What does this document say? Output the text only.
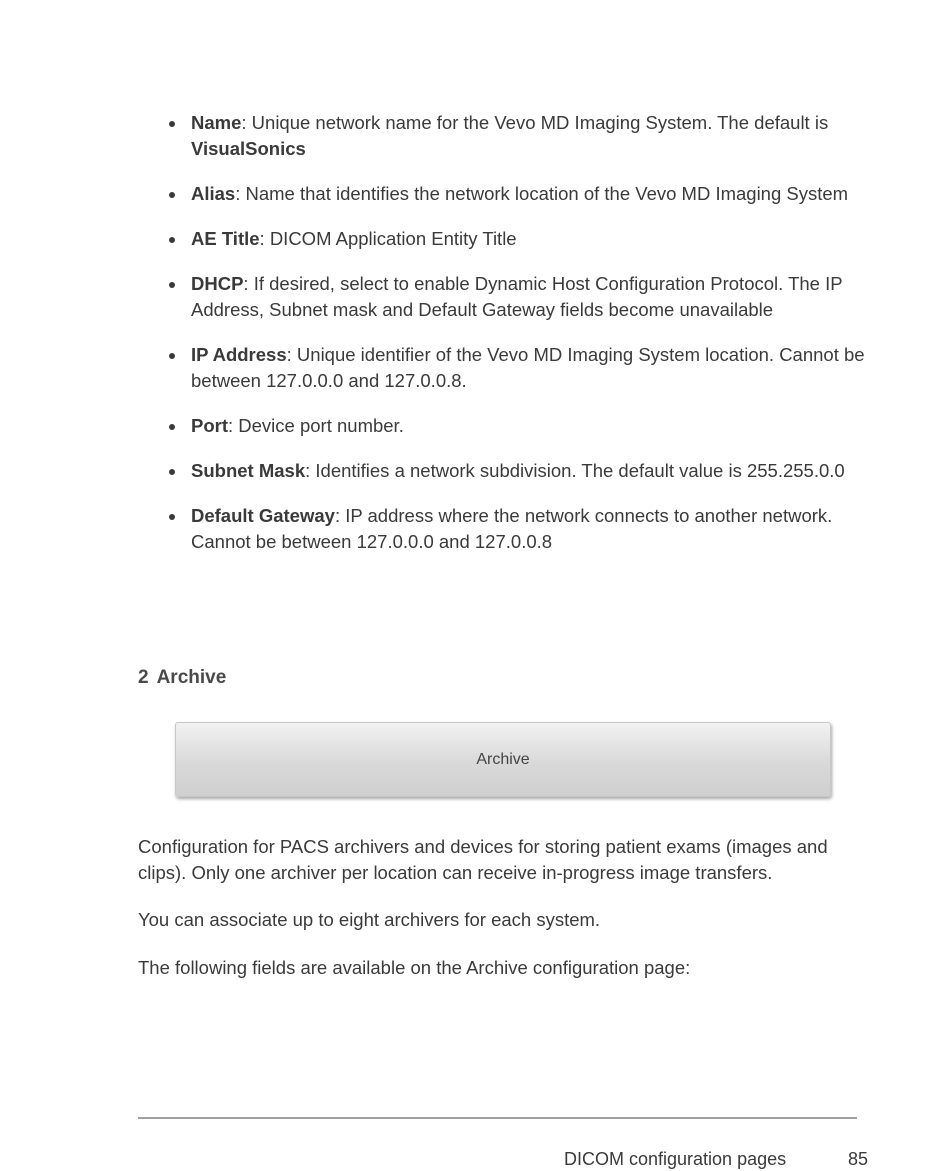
Name: Unique network name for the Vevo MD Imaging System. The default is VisualSonics
Alias: Name that identifies the network location of the Vevo MD Imaging System
AE Title: DICOM Application Entity Title
DHCP: If desired, select to enable Dynamic Host Configuration Protocol. The IP Address, Subnet mask and Default Gateway fields become unavailable
IP Address: Unique identifier of the Vevo MD Imaging System location. Cannot be between 127.0.0.0 and 127.0.0.8.
Port: Device port number.
Subnet Mask: Identifies a network subdivision. The default value is 255.255.0.0
Default Gateway: IP address where the network connects to another network. Cannot be between 127.0.0.0 and 127.0.0.8
2 Archive
Archive

Configuration for PACS archivers and devices for storing patient exams (images and clips). Only one archiver per location can receive in-progress image transfers.

You can associate up to eight archivers for each system.

The following fields are available on the Archive configuration page:

DICOM configuration pages	85
